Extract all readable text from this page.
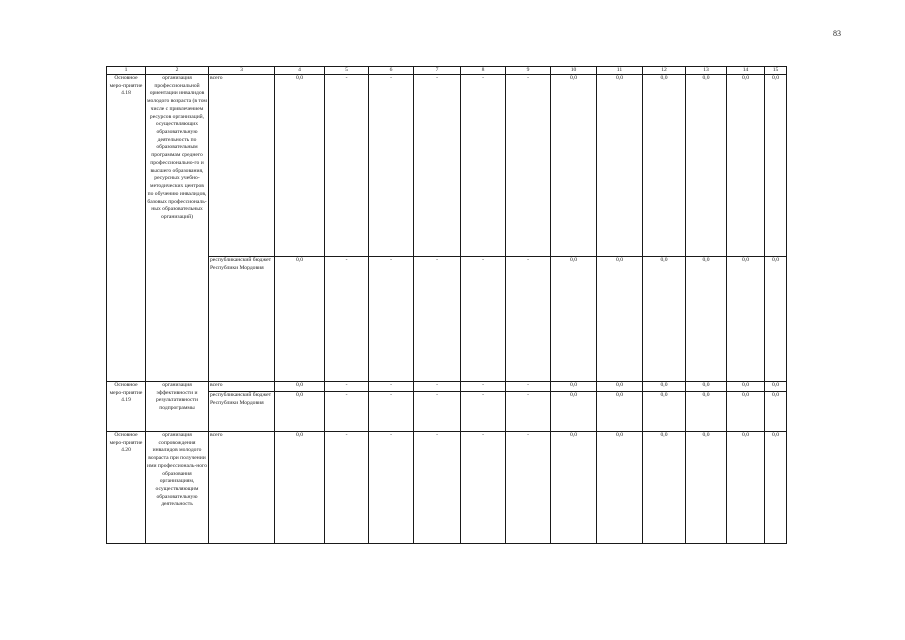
83
1	2	3	4	5	6	7	8	9	10	11	12	13	14	15
Основное меро-приятие 4.18	организация профессиональной ориентации инвалидов молодого возраста (в том числе с привлечением ресурсов организаций, осуществляющих образовательную деятельность по образовательным программам среднего профессионально-го и высшего образования, ресурсных учебно-методических центров по обучению инвалидов, базовых профессиональ-ных образовательных организаций)	всего	0,0	-	-	-	-	-	0,0	0,0	0,0	0,0	0,0	0,0
		республиканский бюджет Республики Мордовия	0,0	-	-	-	-	-	0,0	0,0	0,0	0,0	0,0	0,0
Основное меро-приятие 4.19	организация эффективности и результативности подпрограммы	всего	0,0	-	-	-	-	-	0,0	0,0	0,0	0,0	0,0	0,0
		республиканский бюджет Республики Мордовия	0,0	-	-	-	-	-	0,0	0,0	0,0	0,0	0,0	0,0
Основное меро-приятие 4.20	организация сопровождения инвалидов молодого возраста при получении ими профессиональ-ного образования организациям, осуществляющим образовательную деятельность	всего	0,0	-	-	-	-	-	0,0	0,0	0,0	0,0	0,0	0,0
